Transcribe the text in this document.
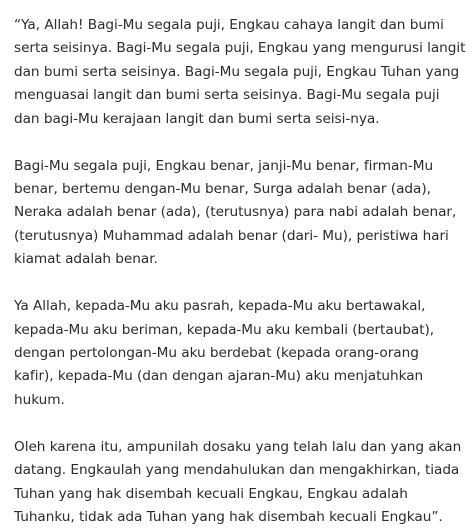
“Ya, Allah! Bagi-Mu segala puji, Engkau cahaya langit dan bumi
serta seisinya. Bagi-Mu segala puji, Engkau yang mengurusi langit
dan bumi serta seisinya. Bagi-Mu segala puji, Engkau Tuhan yang
menguasai langit dan bumi serta seisinya. Bagi-Mu segala puji
dan bagi-Mu kerajaan langit dan bumi serta seisi-nya.

Bagi-Mu segala puji, Engkau benar, janji-Mu benar, firman-Mu
benar, bertemu dengan-Mu benar, Surga adalah benar (ada),
Neraka adalah benar (ada), (terutusnya) para nabi adalah benar,
(terutusnya) Muhammad adalah benar (dari- Mu), peristiwa hari
kiamat adalah benar.

Ya Allah, kepada-Mu aku pasrah, kepada-Mu aku bertawakal,
kepada-Mu aku beriman, kepada-Mu aku kembali (bertaubat),
dengan pertolongan-Mu aku berdebat (kepada orang-orang
kafir), kepada-Mu (dan dengan ajaran-Mu) aku menjatuhkan
hukum.

Oleh karena itu, ampunilah dosaku yang telah lalu dan yang akan
datang. Engkaulah yang mendahulukan dan mengakhirkan, tiada
Tuhan yang hak disembah kecuali Engkau, Engkau adalah
Tuhanku, tidak ada Tuhan yang hak disembah kecuali Engkau”.
